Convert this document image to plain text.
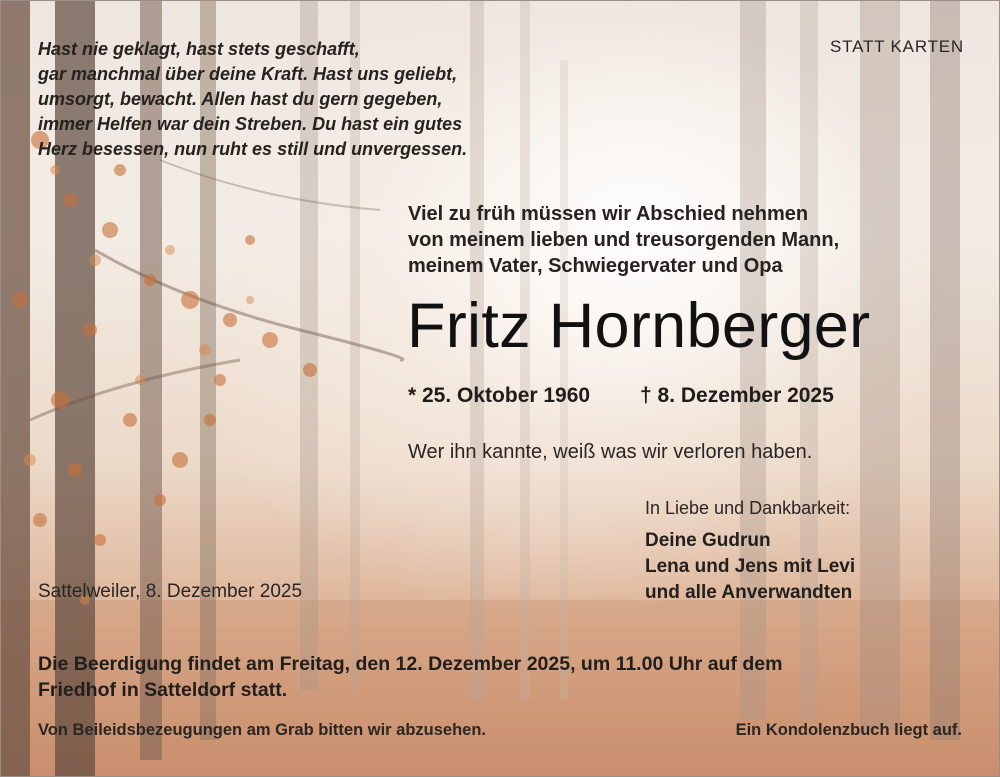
Hast nie geklagt, hast stets geschafft,
gar manchmal über deine Kraft. Hast uns geliebt,
umsorgt, bewacht. Allen hast du gern gegeben,
immer Helfen war dein Streben. Du hast ein gutes
Herz besessen, nun ruht es still und unvergessen.
STATT KARTEN
Viel zu früh müssen wir Abschied nehmen
von meinem lieben und treusorgenden Mann,
meinem Vater, Schwiegervater und Opa
Fritz Hornberger
* 25. Oktober 1960 † 8. Dezember 2025
Wer ihn kannte, weiß was wir verloren haben.
In Liebe und Dankbarkeit:
Deine Gudrun
Lena und Jens mit Levi
und alle Anverwandten
Sattelweiler, 8. Dezember 2025
Die Beerdigung findet am Freitag, den 12. Dezember 2025, um 11.00 Uhr auf dem
Friedhof in Satteldorf statt.
Von Beileidsbezeugungen am Grab bitten wir abzusehen.	Ein Kondolenzbuch liegt auf.
